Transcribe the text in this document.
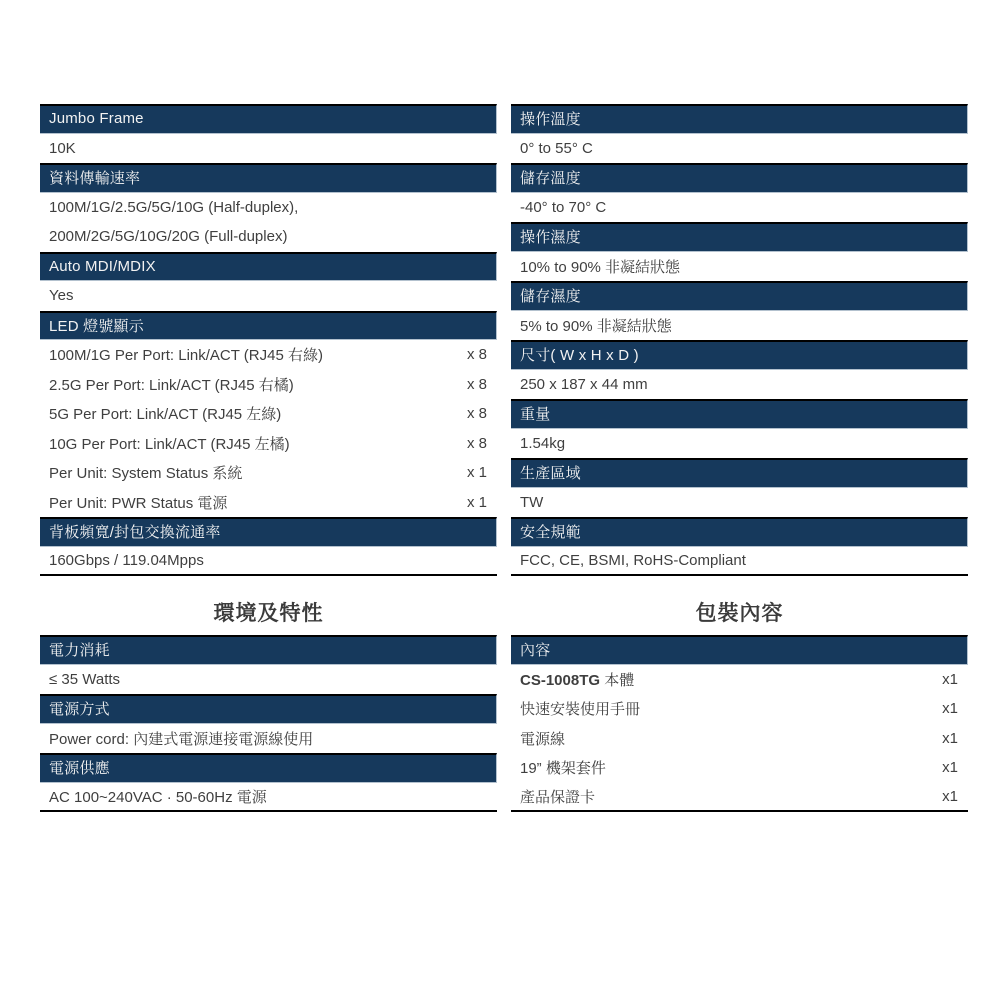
Jumbo Frame
10K
資料傳輸速率
100M/1G/2.5G/5G/10G (Half-duplex),
200M/2G/5G/10G/20G (Full-duplex)
Auto MDI/MDIX
Yes
LED 燈號顯示
100M/1G Per Port: Link/ACT (RJ45 右綠)	x 8
2.5G Per Port: Link/ACT (RJ45 右橘)	x 8
5G Per Port: Link/ACT (RJ45 左綠)	x 8
10G Per Port: Link/ACT (RJ45 左橘)	x 8
Per Unit: System Status 系統	x 1
Per Unit: PWR Status 電源	x 1
背板頻寬/封包交換流通率
160Gbps / 119.04Mpps
環境及特性
電力消耗
≤ 35 Watts
電源方式
Power cord: 內建式電源連接電源線使用
電源供應
AC 100~240VAC · 50-60Hz 電源
操作溫度
0° to 55° C
儲存溫度
-40° to 70° C
操作濕度
10% to 90% 非凝結狀態
儲存濕度
5% to 90% 非凝結狀態
尺寸( W x H x D )
250 x 187 x 44 mm
重量
1.54kg
生產區域
TW
安全規範
FCC, CE, BSMI, RoHS-Compliant
包裝內容
內容
CS-1008TG 本體	x1
快速安裝使用手冊	x1
電源線	x1
19” 機架套件	x1
產品保證卡	x1
